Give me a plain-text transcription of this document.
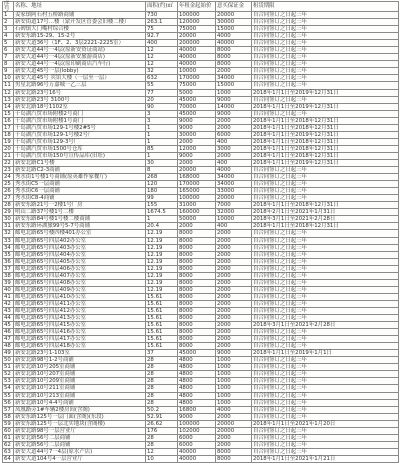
序号	名称、地址	面积(约)㎡	年租金起始价	意买保证金	租赁期限
1	姜家镇阿石村五桥路商铺	730	100000	20000	自合同签订之日起三年
2	新安街道17号...楼（蒙开发区管委会旧楼二楼）	263.1	120000	30000	自合同签订之日起三年
3	石碑镇大门嘴村综合楼	75	75000	15000	自合同签订之日起三年
4	新安东路15-29、15-2号	92.7	20000	4000	自合同签订之日起三年
5	新安大道36号（1F、2、3层2221-2225室）	400	200000	40000	自合同签订之日起三年
6	新安大道44号一4层(原新安资证商站)	12	40000	8000	自合同签订之日起三年
7	新安大道44号一4层(原新安旅游商店)	12	40000	8000	自合同签订之日起三年
8	新安大道44号一4层(原印刷商店汽车行)	12	40000	8000	自合同签订之日起三年
9	新安大道45号一层(lobby)	32	10000	2000	自合同签订之日起三年
10	新安大道45号 宾馆大楼（一层至一层）	632	170000	34000	自合同签订之日起三年
11	男星北路96号万嘉城一乙三层	55	75000	15000	自合同签订之日起三年
12	新安北路23号16号	77	5000	1000	2018年1月1日至2019年12月31日
13	新安北路23号 3100号	20	45000	9000	自合同签订之日起三年
14	新安北路18号1102室	90	70000	14000	2018年1月1日至2019年12月31日
15	千岛湖汽贸市场附楼2号商门	3	45000	9000	自合同签订之日起三年
16	千岛湖汽贸市场附楼1号商门	3	9000	2000	2018年1月1日至2018年12月31日
17	千岛湖汽贸市场129-1号楼2#5号	1	9000	2000	2018年1月1日至2018年12月31日
18	千岛湖汽贸市场129-1号楼2号厂	1	30000	6000	2018年1月1日至2019年12月31日
19	千岛湖汽贸市场129-3号厂	1	2000	400	2018年1月1日至2018年12月31日
20	千岛湖汽贸市场1500号仓库	85	12000	3000	2018年1月1日至2018年12月31日
21	千岛湖汽贸市场150号宣传品库(旧址)	1	9000	2000	2018年1月1日至2018年12月31日
22	新安北路C1号楼	30	2000	400	2018年1月1日至2019年12月31日
23	新安北路C2-3商铺	8	20000	4000	自合同签订之日起三年
24	秀水街1号楼1号商铺(原英雄作家餐厅)	268	168000	34000	自合同签订之日起三年
25	秀水街C5一层商铺	120	170000	34000	自合同签订之日起三年
26	秀水街C6一层商铺	180	165000	33000	自合同签订之日起三年
27	秀水街C8-4商铺	99	100000	20000	自合同签订之日起三年
28	新安东路21号一2楼1号厂房	155	31000	7000	2018年1月1日至2018年12月31日
29	明山二路37号楼1号二楼	1674.5	160000	32000	2018年2月1日至2021年1月31日
30	新安东路84号楼1号楼二楼商铺	1	50000	10000	2018年3月1日至2021年2月28日
31	新安东路环湖旅99号5-7号商铺	20.4	2000	400	2018年1月1日至2018年12月31日
32	邮电北路65号楼四楼401办公室	12.19	8000	2000	自合同签订之日起三年
33	邮电北路65号四层402办公室	12.19	8000	2000	自合同签订之日起三年
34	邮电北路65号四层403办公室	12.19	8000	2000	自合同签订之日起三年
35	邮电北路65号四层404办公室	12.19	8000	2000	自合同签订之日起三年
36	邮电北路65号四层405办公室	12.19	8000	2000	自合同签订之日起三年
37	邮电北路65号四层406办公室	12.19	8000	2000	自合同签订之日起三年
38	邮电北路65号四层407办公室	12.19	8000	2000	自合同签订之日起三年
39	邮电北路65号四层408办公室	12.19	8000	2000	自合同签订之日起三年
40	邮电北路65号四层409办公室	12.19	8000	2000	自合同签订之日起三年
41	邮电北路65号四层410办公室	15.61	8000	2000	自合同签订之日起三年
42	邮电北路65号四层411办公室	15.61	8000	2000	自合同签订之日起三年
43	邮电北路65号四层412办公室	15.61	8000	2000	自合同签订之日起三年
44	邮电北路65号四层413办公室	15.61	8000	2000	自合同签订之日起三年
45	邮电北路65号四层415办公室	15.61	8000	2000	2018年3月1日至2021年2月28日
46	邮电北路65号四层416办公室	15.61	8000	2000	自合同签订之日起三年
47	邮电北路65号四层417办公室	15.61	8000	2000	自合同签订之日起三年
48	邮电北路65号四层418办公室	15.61	8000	2000	自合同签订之日起三年
49	新安北路23号1-103室	37	45000	9000	2018年1月1日至2019年1月1日
50	新安北路98号1-2号商铺	28	4800	1000	自合同签订之日起三年
51	新安北路10号205室商铺	28	4800	1000	自合同签订之日起三年
52	新安北路10号207室商铺	28	4800	1000	自合同签订之日起三年
53	新安北路10号209室商铺	28	4800	1000	自合同签订之日起三年
54	新安北路10号211室商铺	28	4800	1000	自合同签订之日起三年
55	新安北路10号213室商铺	28	4800	1000	自合同签订之日起三年
56	新安北路10号4-4号商铺	28	4800	1000	自合同签订之日起三年
57	凤凰路旁1#车辆2楼房间(含阁)	50.2	16800	4000	自合同签订之日起三年
58	新安东路125号一层门面(含阁)(东段)	52.91	9000	2000	自合同签订之日起三年
59	新安东路125号一层北实地块(含阁楼)	26.62	100000	20000	2018年1月1日至2021年1月20日
60	新安北路98号一层营业厅	176	102000	20000	自合同签订之日起三年
61	新安北路56号二层商铺	28	6000	2000	自合同签订之日起三年
62	新安北路56号二层商铺	28	6000	2000	自合同签订之日起三年
63	新安大道44号7一4层(原水产店)	12	40000	8000	自合同签订之日起三年
64	新安大道104号4一层营业厅	10	40000	8000	2018年1月1日至2021年1月21日
